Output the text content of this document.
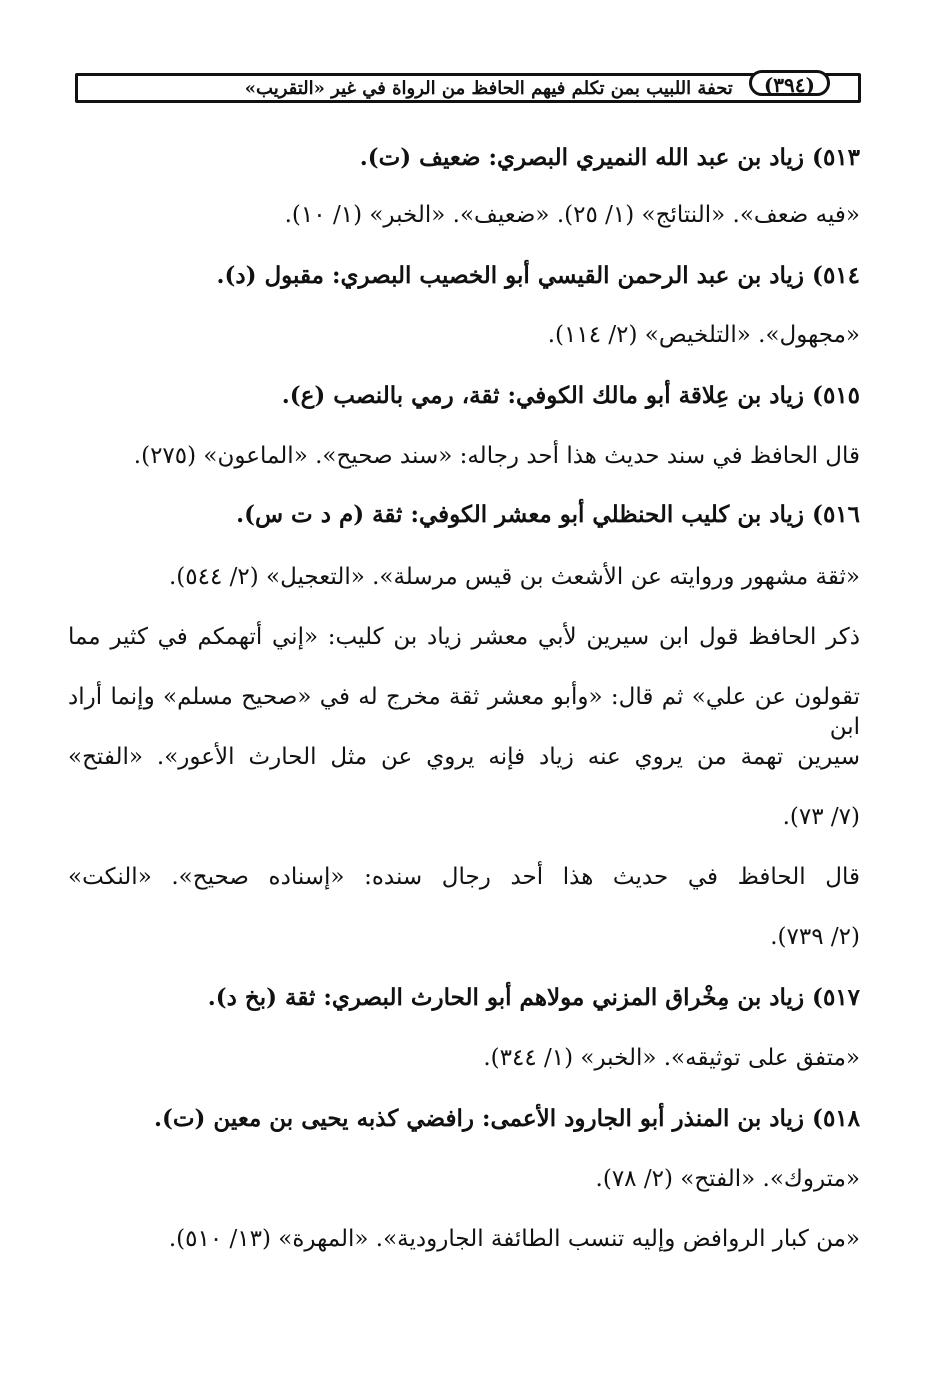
(٣٩٤)
تحفة اللبيب بمن تكلم فيهم الحافظ من الرواة في غير «التقريب»
٥١٣) زياد بن عبد الله النميري البصري: ضعيف (ت).
«فيه ضعف». «النتائج» (١/ ٢٥). «ضعيف». «الخبر» (١/ ١٠).
٥١٤) زياد بن عبد الرحمن القيسي أبو الخصيب البصري: مقبول (د).
«مجهول». «التلخيص» (٢/ ١١٤).
٥١٥) زياد بن عِلاقة أبو مالك الكوفي: ثقة، رمي بالنصب (ع).
قال الحافظ في سند حديث هذا أحد رجاله: «سند صحيح». «الماعون» (٢٧٥).
٥١٦) زياد بن كليب الحنظلي أبو معشر الكوفي: ثقة (م د ت س).
«ثقة مشهور وروايته عن الأشعث بن قيس مرسلة». «التعجيل» (٢/ ٥٤٤).
ذكر الحافظ قول ابن سيرين لأبي معشر زياد بن كليب: «إني أتهمكم في كثير مما
تقولون عن علي» ثم قال: «وأبو معشر ثقة مخرج له في «صحيح مسلم» وإنما أراد ابن
سيرين تهمة من يروي عنه زياد فإنه يروي عن مثل الحارث الأعور». «الفتح»
(٧/ ٧٣).
قال الحافظ في حديث هذا أحد رجال سنده: «إسناده صحيح». «النكت»
(٢/ ٧٣٩).
٥١٧) زياد بن مِخْراق المزني مولاهم أبو الحارث البصري: ثقة (بخ د).
«متفق على توثيقه». «الخبر» (١/ ٣٤٤).
٥١٨) زياد بن المنذر أبو الجارود الأعمى: رافضي كذبه يحيى بن معين (ت).
«متروك». «الفتح» (٢/ ٧٨).
«من كبار الروافض وإليه تنسب الطائفة الجارودية». «المهرة» (١٣/ ٥١٠).
